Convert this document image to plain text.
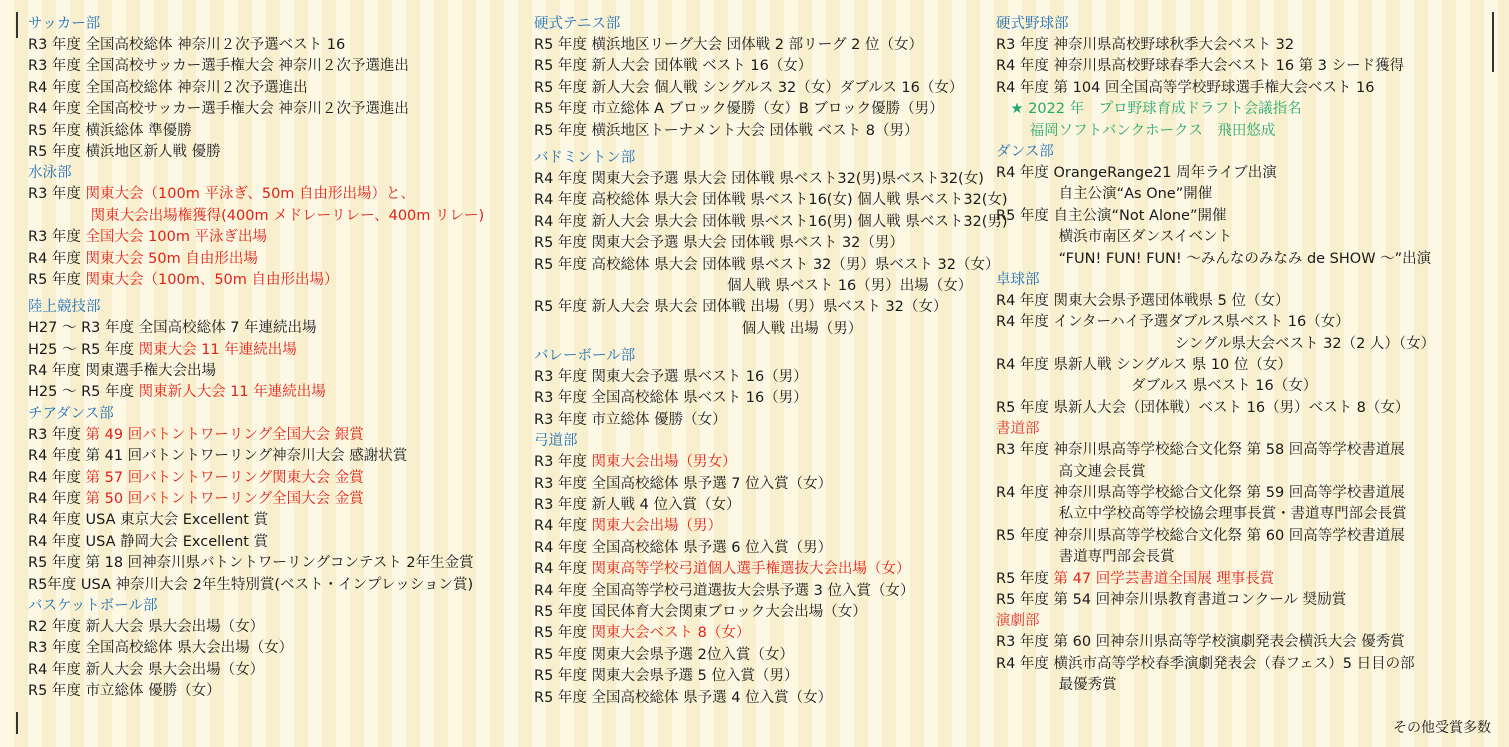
サッカー部
R3 年度 全国高校総体 神奈川２次予選ベスト 16
R3 年度 全国高校サッカー選手権大会 神奈川２次予選進出
R4 年度 全国高校総体 神奈川２次予選進出
R4 年度 全国高校サッカー選手権大会 神奈川２次予選進出
R5 年度 横浜総体 準優勝
R5 年度 横浜地区新人戦 優勝
水泳部
R3 年度 関東大会（100m 平泳ぎ、50m 自由形出場）と、
　　　　 関東大会出場権獲得(400m メドレーリレー、400m リレー)
R3 年度 全国大会 100m 平泳ぎ出場
R4 年度 関東大会 50m 自由形出場
R5 年度 関東大会（100m、50m 自由形出場）
陸上競技部
H27 ～ R3 年度 全国高校総体 7 年連続出場
H25 ～ R5 年度 関東大会 11 年連続出場
R4 年度 関東選手権大会出場
H25 ～ R5 年度 関東新人大会 11 年連続出場
チアダンス部
R3 年度 第 49 回バトントワーリング全国大会 銀賞
R4 年度 第 41 回バトントワーリング神奈川大会 感謝状賞
R4 年度 第 57 回バトントワーリング関東大会 金賞
R4 年度 第 50 回バトントワーリング全国大会 金賞
R4 年度 USA 東京大会 Excellent 賞
R4 年度 USA 静岡大会 Excellent 賞
R5 年度 第 18 回神奈川県バトントワーリングコンテスト 2年生金賞
R5年度 USA 神奈川大会 2年生特別賞(ベスト・インプレッション賞)
バスケットボール部
R2 年度 新人大会 県大会出場（女）
R3 年度 全国高校総体 県大会出場（女）
R4 年度 新人大会 県大会出場（女）
R5 年度 市立総体 優勝（女）
硬式テニス部
R5 年度 横浜地区リーグ大会 団体戦 2 部リーグ 2 位（女）
R5 年度 新人大会 団体戦 ベスト 16（女）
R5 年度 新人大会 個人戦 シングルス 32（女）ダブルス 16（女）
R5 年度 市立総体 A ブロック優勝（女）B ブロック優勝（男）
R5 年度 横浜地区トーナメント大会 団体戦 ベスト 8（男）
バドミントン部
R4 年度 関東大会予選 県大会 団体戦 県ベスト32(男)県ベスト32(女)
R4 年度 高校総体 県大会 団体戦 県ベスト16(女) 個人戦 県ベスト32(女)
R4 年度 新人大会 県大会 団体戦 県ベスト16(男) 個人戦 県ベスト32(男)
R5 年度 関東大会予選 県大会 団体戦 県ベスト 32（男）
R5 年度 高校総体 県大会 団体戦 県ベスト 32（男）県ベスト 32（女）
　　　　　　　　　　　　　 個人戦 県ベスト 16（男）出場（女）
R5 年度 新人大会 県大会 団体戦 出場（男）県ベスト 32（女）
　　　　　　　　　　　　　　 個人戦 出場（男）
バレーボール部
R3 年度 関東大会予選 県ベスト 16（男）
R3 年度 全国高校総体 県ベスト 16（男）
R3 年度 市立総体 優勝（女）
弓道部
R3 年度 関東大会出場（男女）
R3 年度 全国高校総体 県予選 7 位入賞（女）
R3 年度 新人戦 4 位入賞（女）
R4 年度 関東大会出場（男）
R4 年度 全国高校総体 県予選 6 位入賞（男）
R4 年度 関東高等学校弓道個人選手権選抜大会出場（女）
R4 年度 全国高等学校弓道選抜大会県予選 3 位入賞（女）
R5 年度 国民体育大会関東ブロック大会出場（女）
R5 年度 関東大会ベスト 8（女）
R5 年度 関東大会県予選 2位入賞（女）
R5 年度 関東大会県予選 5 位入賞（男）
R5 年度 全国高校総体 県予選 4 位入賞（女）
硬式野球部
R3 年度 神奈川県高校野球秋季大会ベスト 32
R4 年度 神奈川県高校野球春季大会ベスト 16 第 3 シード獲得
R4 年度 第 104 回全国高等学校野球選手権大会ベスト 16
　★ 2022 年　プロ野球育成ドラフト会議指名
　　 福岡ソフトバンクホークス　飛田悠成
ダンス部
R4 年度 OrangeRange21 周年ライブ出演
　　　　 自主公演“As One”開催
R5 年度 自主公演“Not Alone”開催
　　　　 横浜市南区ダンスイベント
　　　　 “FUN! FUN! FUN! ～みんなのみなみ de SHOW ～”出演
卓球部
R4 年度 関東大会県予選団体戦県 5 位（女）
R4 年度 インターハイ予選ダブルス県ベスト 16（女）
　　　　　　　　　　　　 シングル県大会ベスト 32（2 人）（女）
R4 年度 県新人戦 シングルス 県 10 位（女）
　　　　　　　　　 ダブルス 県ベスト 16（女）
R5 年度 県新人大会（団体戦）ベスト 16（男）ベスト 8（女）
書道部
R3 年度 神奈川県高等学校総合文化祭 第 58 回高等学校書道展
　　　　 高文連会長賞
R4 年度 神奈川県高等学校総合文化祭 第 59 回高等学校書道展
　　　　 私立中学校高等学校協会理事長賞・書道専門部会長賞
R5 年度 神奈川県高等学校総合文化祭 第 60 回高等学校書道展
　　　　 書道専門部会長賞
R5 年度 第 47 回学芸書道全国展 理事長賞
R5 年度 第 54 回神奈川県教育書道コンクール 奨励賞
演劇部
R3 年度 第 60 回神奈川県高等学校演劇発表会横浜大会 優秀賞
R4 年度 横浜市高等学校春季演劇発表会（春フェス）5 日目の部
　　　　 最優秀賞
その他受賞多数
